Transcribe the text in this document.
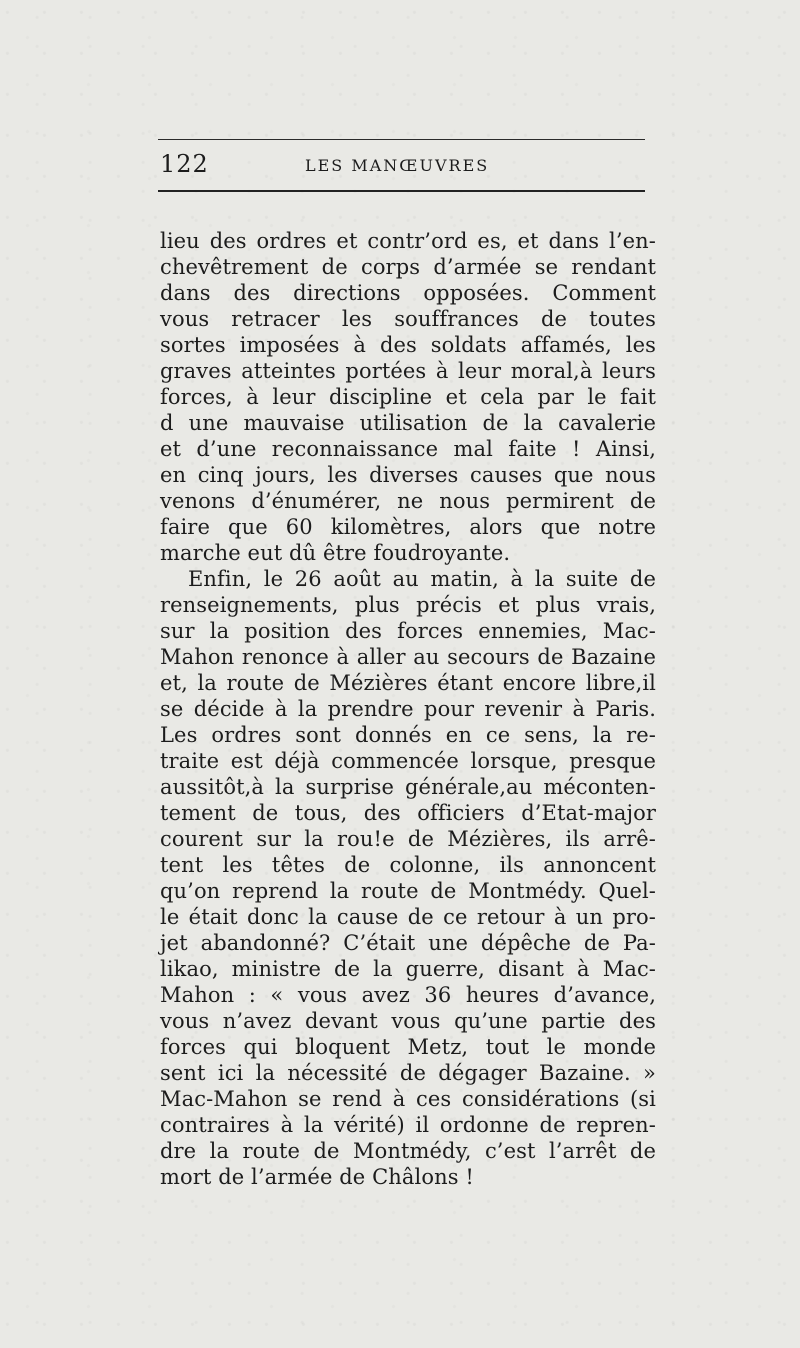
122	LES MANŒUVRES
lieu des ordres et contr’ord es, et dans l’en-
chevêtrement de corps d’armée se rendant
dans des directions opposées. Comment
vous retracer les souffrances de toutes
sortes imposées à des soldats affamés, les
graves atteintes portées à leur moral,à leurs
forces, à leur discipline et cela par le fait
d une mauvaise utilisation de la cavalerie
et d’une reconnaissance mal faite ! Ainsi,
en cinq jours, les diverses causes que nous
venons d’énumérer, ne nous permirent de
faire que 60 kilomètres, alors que notre
marche eut dû être foudroyante.
Enfin, le 26 août au matin, à la suite de
renseignements, plus précis et plus vrais,
sur la position des forces ennemies, Mac-
Mahon renonce à aller au secours de Bazaine
et, la route de Mézières étant encore libre,il
se décide à la prendre pour revenir à Paris.
Les ordres sont donnés en ce sens, la re-
traite est déjà commencée lorsque, presque
aussitôt,à la surprise générale,au méconten-
tement de tous, des officiers d’Etat-major
courent sur la rou!e de Mézières, ils arrê-
tent les têtes de colonne, ils annoncent
qu’on reprend la route de Montmédy. Quel-
le était donc la cause de ce retour à un pro-
jet abandonné? C’était une dépêche de Pa-
likao, ministre de la guerre, disant à Mac-
Mahon : « vous avez 36 heures d’avance,
vous n’avez devant vous qu’une partie des
forces qui bloquent Metz, tout le monde
sent ici la nécessité de dégager Bazaine. »
Mac-Mahon se rend à ces considérations (si
contraires à la vérité) il ordonne de repren-
dre la route de Montmédy, c’est l’arrêt de
mort de l’armée de Châlons !
